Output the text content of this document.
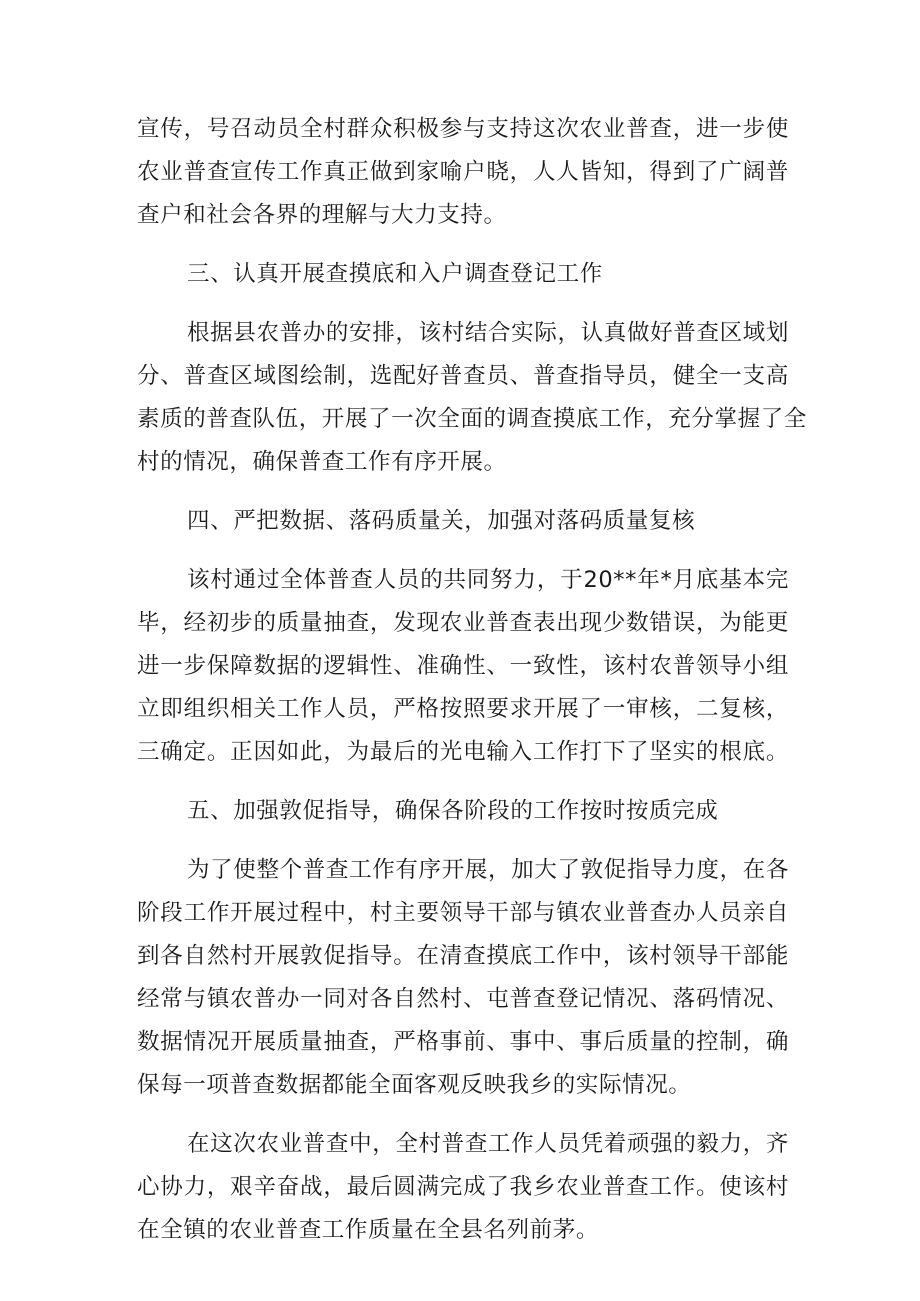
宣传，号召动员全村群众积极参与支持这次农业普查，进一步使
农业普查宣传工作真正做到家喻户晓，人人皆知，得到了广阔普
查户和社会各界的理解与大力支持。
三、认真开展查摸底和入户调查登记工作
根据县农普办的安排，该村结合实际，认真做好普查区域划
分、普查区域图绘制，选配好普查员、普查指导员，健全一支高
素质的普查队伍，开展了一次全面的调查摸底工作，充分掌握了全
村的情况，确保普查工作有序开展。
四、严把数据、落码质量关，加强对落码质量复核
该村通过全体普查人员的共同努力，于20**年*月底基本完
毕，经初步的质量抽查，发现农业普查表出现少数错误，为能更
进一步保障数据的逻辑性、准确性、一致性，该村农普领导小组
立即组织相关工作人员，严格按照要求开展了一审核，二复核，
三确定。正因如此，为最后的光电输入工作打下了坚实的根底。
五、加强敦促指导，确保各阶段的工作按时按质完成
为了使整个普查工作有序开展，加大了敦促指导力度，在各
阶段工作开展过程中，村主要领导干部与镇农业普查办人员亲自
到各自然村开展敦促指导。在清查摸底工作中，该村领导干部能
经常与镇农普办一同对各自然村、屯普查登记情况、落码情况、
数据情况开展质量抽查，严格事前、事中、事后质量的控制，确
保每一项普查数据都能全面客观反映我乡的实际情况。
在这次农业普查中，全村普查工作人员凭着顽强的毅力，齐
心协力，艰辛奋战，最后圆满完成了我乡农业普查工作。使该村
在全镇的农业普查工作质量在全县名列前茅。
